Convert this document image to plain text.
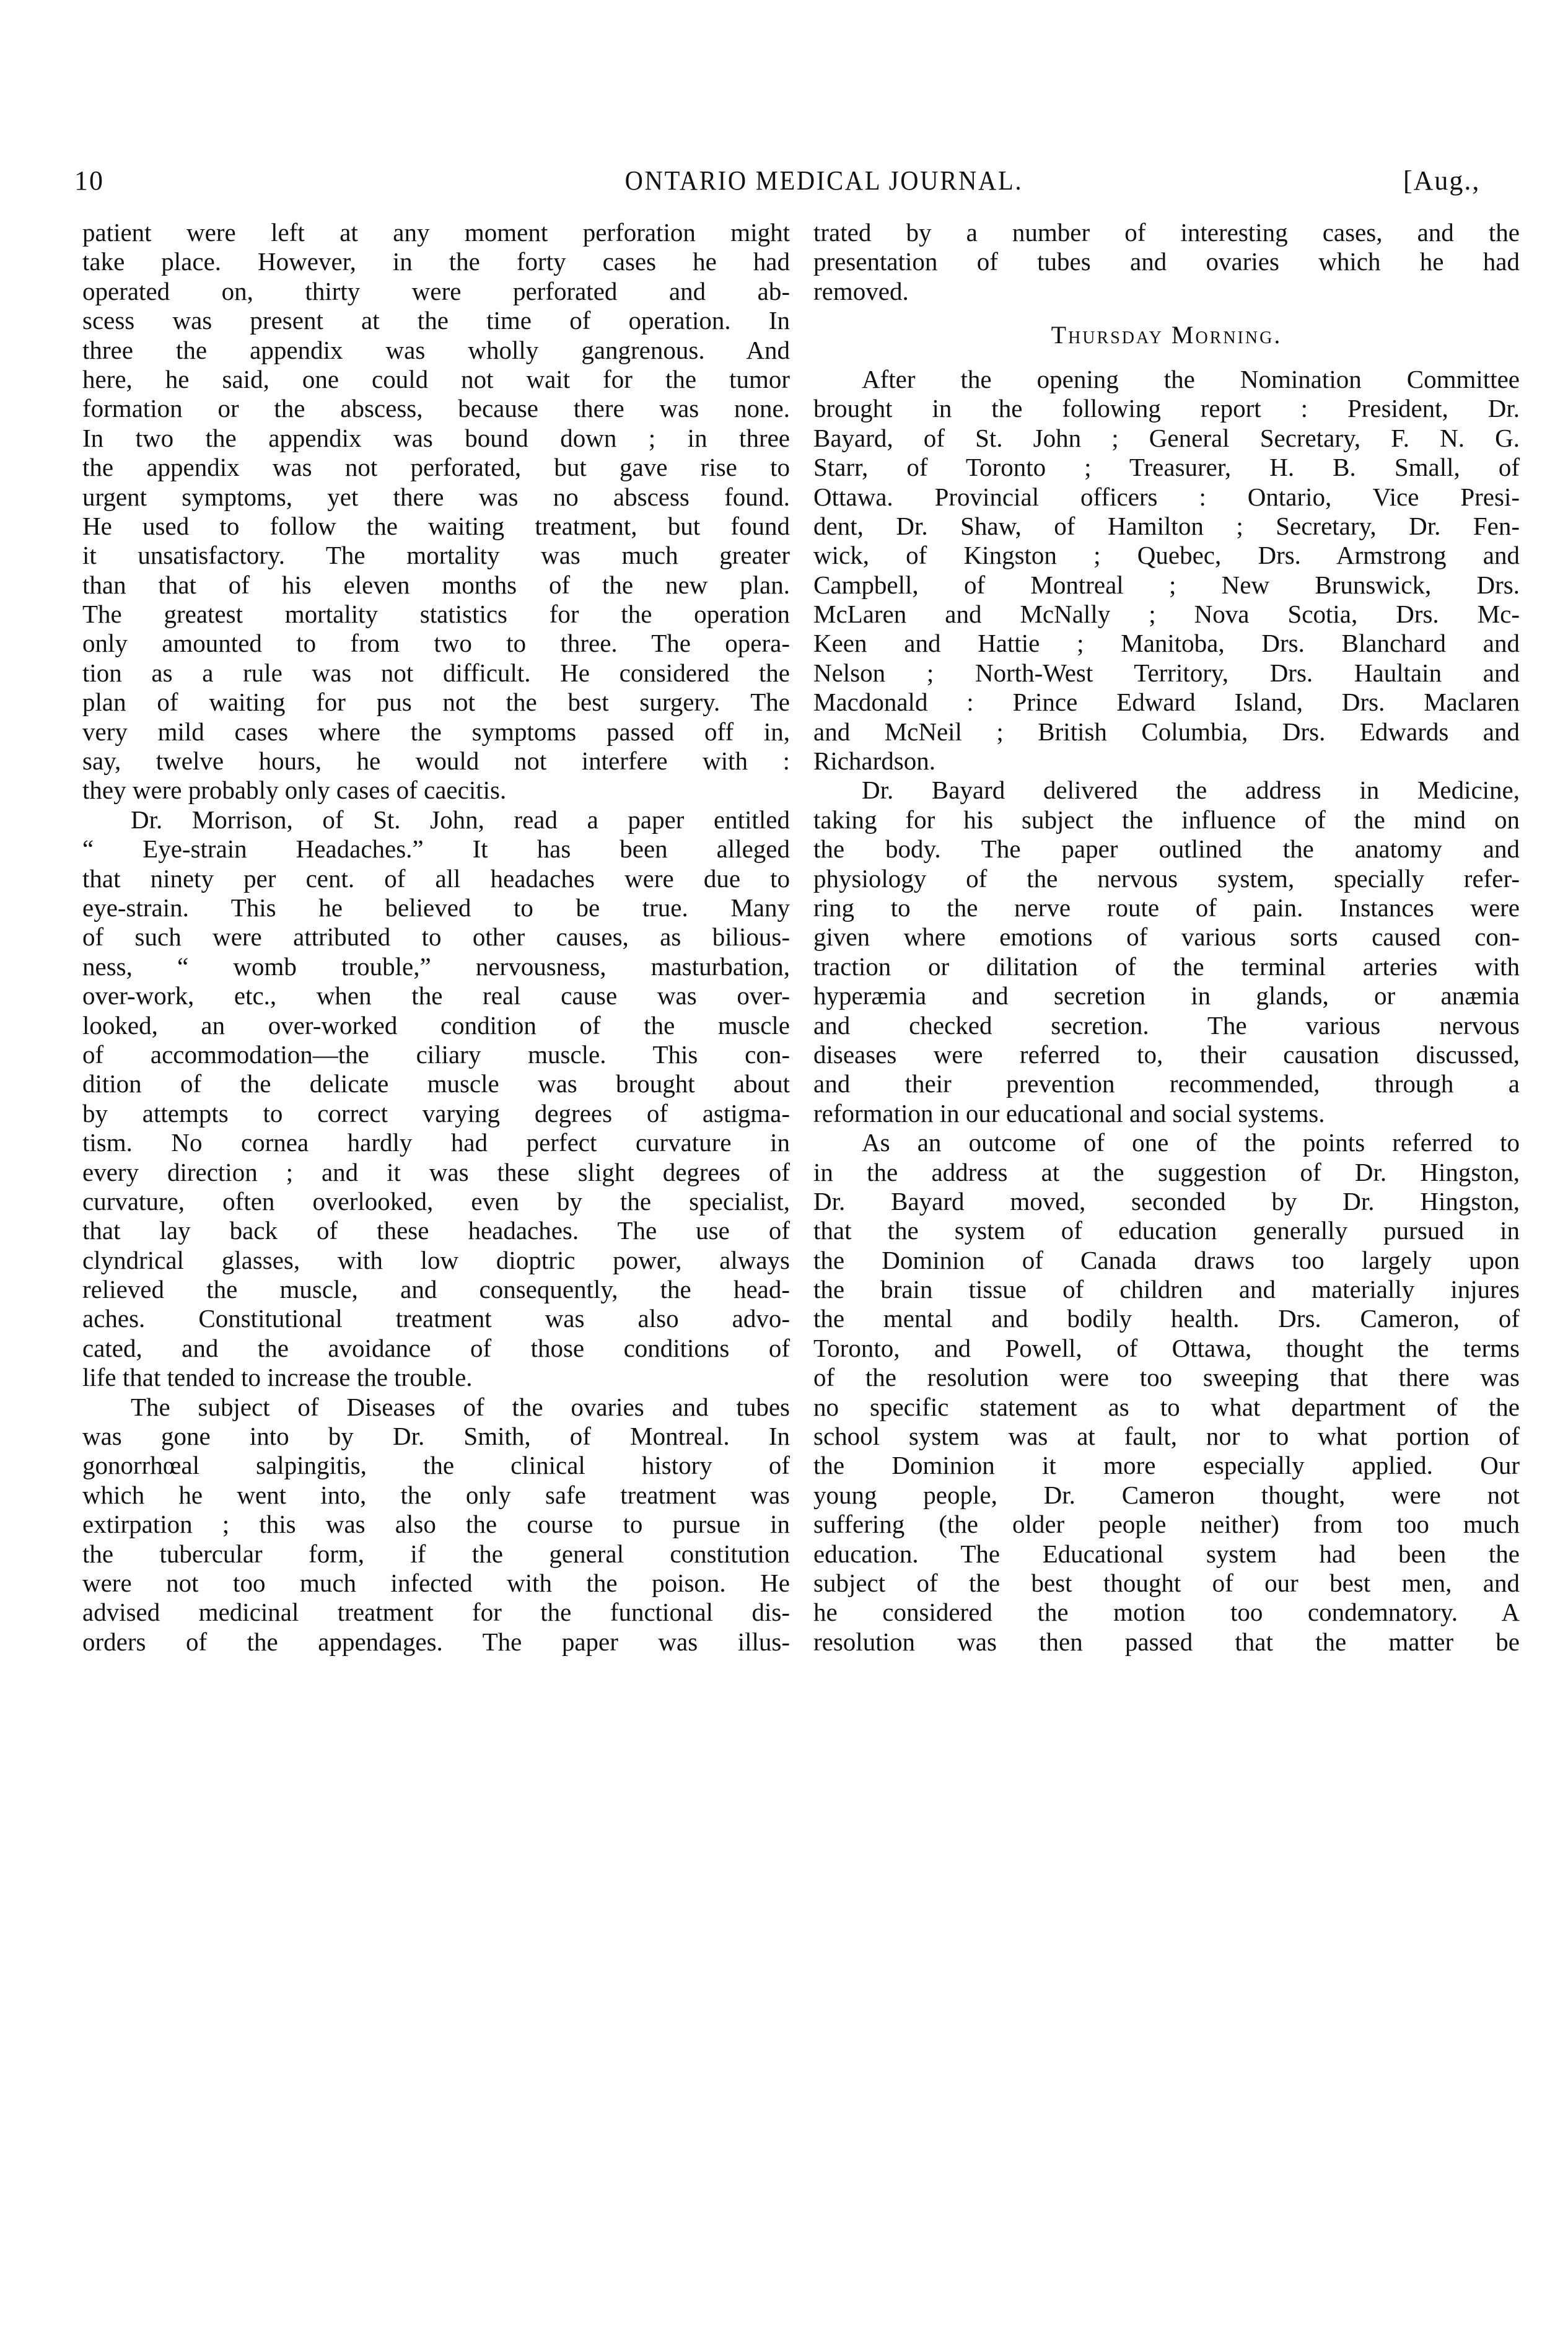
10	ONTARIO MEDICAL JOURNAL.	[Aug.,

patient were left at any moment perforation might
take place. However, in the forty cases he had
operated on, thirty were perforated and ab-
scess was present at the time of operation. In
three the appendix was wholly gangrenous. And
here, he said, one could not wait for the tumor
formation or the abscess, because there was none.
In two the appendix was bound down ; in three
the appendix was not perforated, but gave rise to
urgent symptoms, yet there was no abscess found.
He used to follow the waiting treatment, but found
it unsatisfactory. The mortality was much greater
than that of his eleven months of the new plan.
The greatest mortality statistics for the operation
only amounted to from two to three. The opera-
tion as a rule was not difficult. He considered the
plan of waiting for pus not the best surgery. The
very mild cases where the symptoms passed off in,
say, twelve hours, he would not interfere with :
they were probably only cases of caecitis.

Dr. Morrison, of St. John, read a paper entitled
“ Eye-strain Headaches.” It has been alleged
that ninety per cent. of all headaches were due to
eye-strain. This he believed to be true. Many
of such were attributed to other causes, as bilious-
ness, “ womb trouble,” nervousness, masturbation,
over-work, etc., when the real cause was over-
looked, an over-worked condition of the muscle
of accommodation—the ciliary muscle. This con-
dition of the delicate muscle was brought about
by attempts to correct varying degrees of astigma-
tism. No cornea hardly had perfect curvature in
every direction ; and it was these slight degrees of
curvature, often overlooked, even by the specialist,
that lay back of these headaches. The use of
clyndrical glasses, with low dioptric power, always
relieved the muscle, and consequently, the head-
aches. Constitutional treatment was also advo-
cated, and the avoidance of those conditions of
life that tended to increase the trouble.

The subject of Diseases of the ovaries and tubes
was gone into by Dr. Smith, of Montreal. In
gonorrhœal salpingitis, the clinical history of
which he went into, the only safe treatment was
extirpation ; this was also the course to pursue in
the tubercular form, if the general constitution
were not too much infected with the poison. He
advised medicinal treatment for the functional dis-
orders of the appendages. The paper was illus-

trated by a number of interesting cases, and the
presentation of tubes and ovaries which he had
removed.

Thursday Morning.

After the opening the Nomination Committee
brought in the following report : President, Dr.
Bayard, of St. John ; General Secretary, F. N. G.
Starr, of Toronto ; Treasurer, H. B. Small, of
Ottawa. Provincial officers : Ontario, Vice Presi-
dent, Dr. Shaw, of Hamilton ; Secretary, Dr. Fen-
wick, of Kingston ; Quebec, Drs. Armstrong and
Campbell, of Montreal ; New Brunswick, Drs.
McLaren and McNally ; Nova Scotia, Drs. Mc-
Keen and Hattie ; Manitoba, Drs. Blanchard and
Nelson ; North-West Territory, Drs. Haultain and
Macdonald : Prince Edward Island, Drs. Maclaren
and McNeil ; British Columbia, Drs. Edwards and
Richardson.

Dr. Bayard delivered the address in Medicine,
taking for his subject the influence of the mind on
the body. The paper outlined the anatomy and
physiology of the nervous system, specially refer-
ring to the nerve route of pain. Instances were
given where emotions of various sorts caused con-
traction or dilitation of the terminal arteries with
hyperæmia and secretion in glands, or anæmia
and checked secretion. The various nervous
diseases were referred to, their causation discussed,
and their prevention recommended, through a
reformation in our educational and social systems.

As an outcome of one of the points referred to
in the address at the suggestion of Dr. Hingston,
Dr. Bayard moved, seconded by Dr. Hingston,
that the system of education generally pursued in
the Dominion of Canada draws too largely upon
the brain tissue of children and materially injures
the mental and bodily health. Drs. Cameron, of
Toronto, and Powell, of Ottawa, thought the terms
of the resolution were too sweeping that there was
no specific statement as to what department of the
school system was at fault, nor to what portion of
the Dominion it more especially applied. Our
young people, Dr. Cameron thought, were not
suffering (the older people neither) from too much
education. The Educational system had been the
subject of the best thought of our best men, and
he considered the motion too condemnatory. A
resolution was then passed that the matter be
